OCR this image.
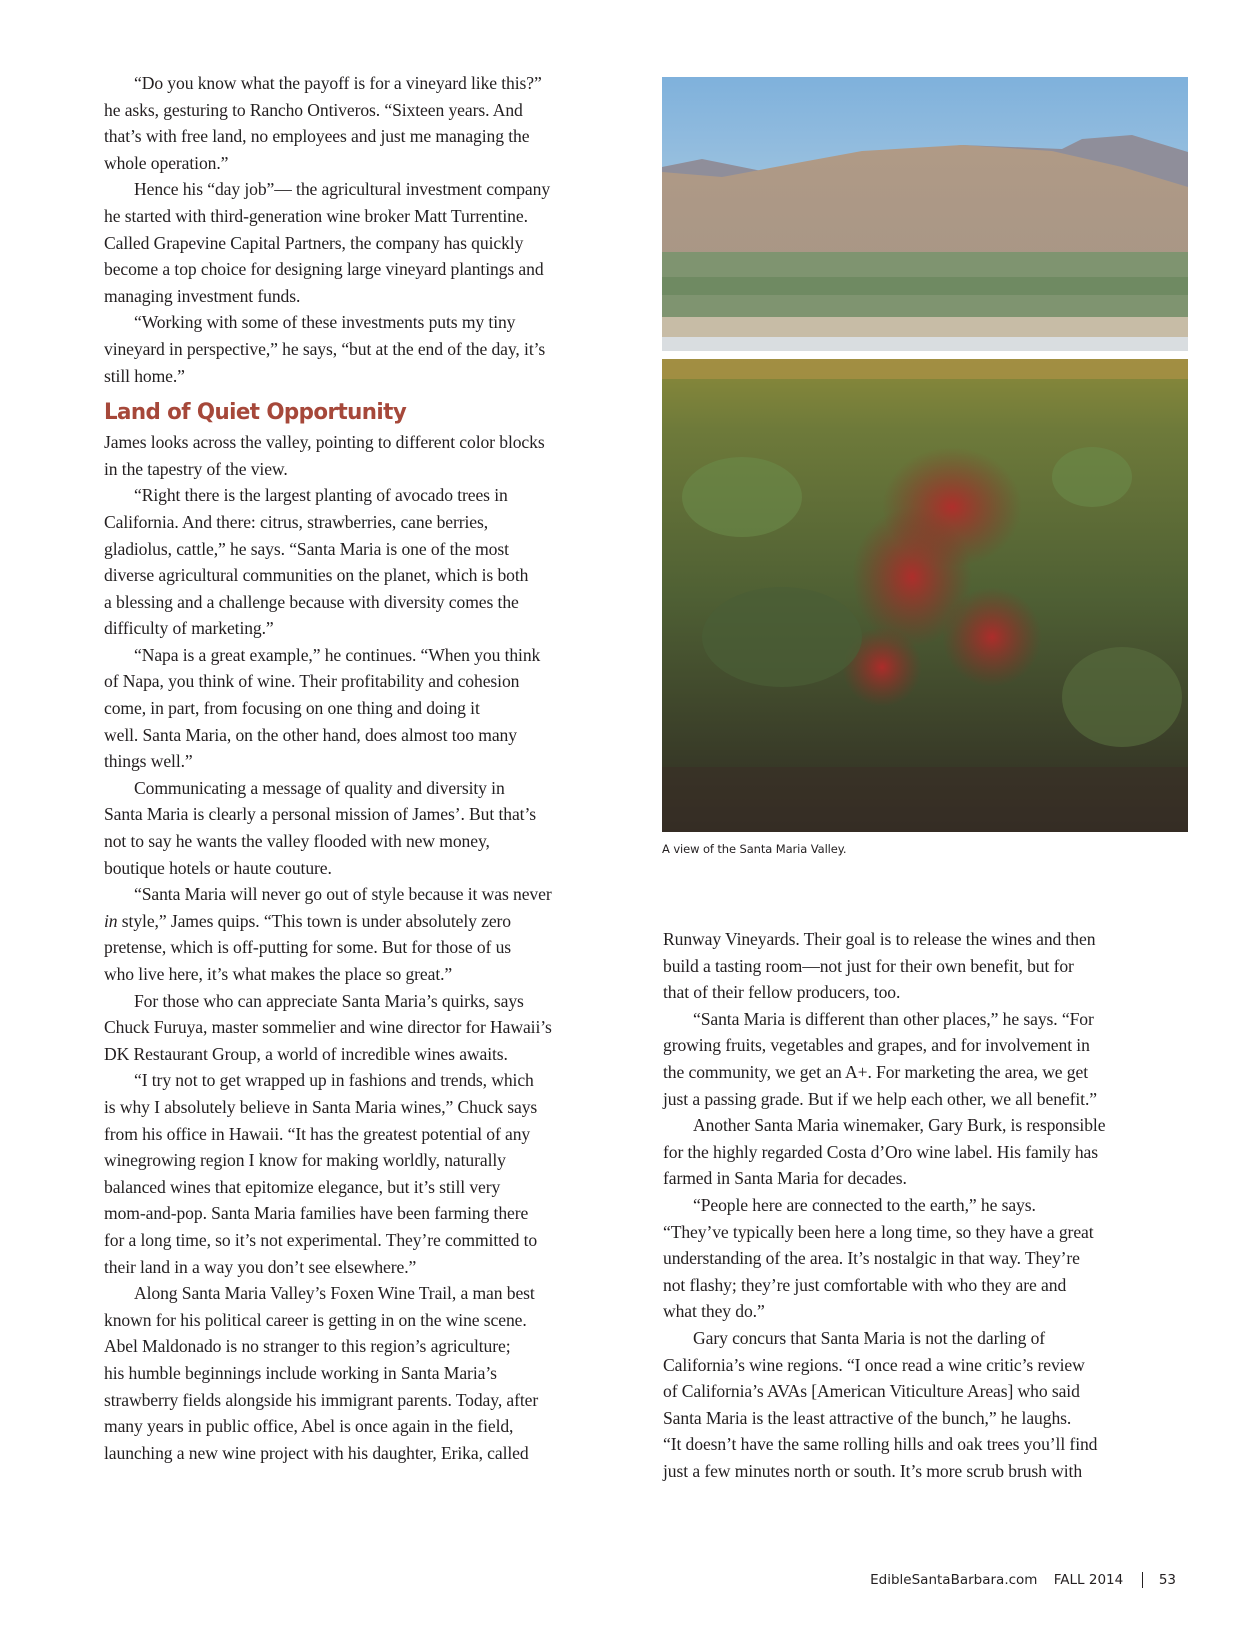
“Do you know what the payoff is for a vineyard like this?”
he asks, gesturing to Rancho Ontiveros. “Sixteen years. And
that’s with free land, no employees and just me managing the
whole operation.”

Hence his “day job”— the agricultural investment company
he started with third-generation wine broker Matt Turrentine.
Called Grapevine Capital Partners, the company has quickly
become a top choice for designing large vineyard plantings and
managing investment funds.

“Working with some of these investments puts my tiny
vineyard in perspective,” he says, “but at the end of the day, it’s
still home.”

Land of Quiet Opportunity

James looks across the valley, pointing to different color blocks
in the tapestry of the view.

“Right there is the largest planting of avocado trees in
California. And there: citrus, strawberries, cane berries,
gladiolus, cattle,” he says. “Santa Maria is one of the most
diverse agricultural communities on the planet, which is both
a blessing and a challenge because with diversity comes the
difficulty of marketing.”

“Napa is a great example,” he continues. “When you think
of Napa, you think of wine. Their profitability and cohesion
come, in part, from focusing on one thing and doing it
well. Santa Maria, on the other hand, does almost too many
things well.”

Communicating a message of quality and diversity in
Santa Maria is clearly a personal mission of James’. But that’s
not to say he wants the valley flooded with new money,
boutique hotels or haute couture.

“Santa Maria will never go out of style because it was never
in style,” James quips. “This town is under absolutely zero
pretense, which is off-putting for some. But for those of us
who live here, it’s what makes the place so great.”

For those who can appreciate Santa Maria’s quirks, says
Chuck Furuya, master sommelier and wine director for Hawaii’s
DK Restaurant Group, a world of incredible wines awaits.

“I try not to get wrapped up in fashions and trends, which
is why I absolutely believe in Santa Maria wines,” Chuck says
from his office in Hawaii. “It has the greatest potential of any
winegrowing region I know for making worldly, naturally
balanced wines that epitomize elegance, but it’s still very
mom-and-pop. Santa Maria families have been farming there
for a long time, so it’s not experimental. They’re committed to
their land in a way you don’t see elsewhere.”

Along Santa Maria Valley’s Foxen Wine Trail, a man best
known for his political career is getting in on the wine scene.
Abel Maldonado is no stranger to this region’s agriculture;
his humble beginnings include working in Santa Maria’s
strawberry fields alongside his immigrant parents. Today, after
many years in public office, Abel is once again in the field,
launching a new wine project with his daughter, Erika, called

A view of the Santa Maria Valley.

Runway Vineyards. Their goal is to release the wines and then
build a tasting room—not just for their own benefit, but for
that of their fellow producers, too.

“Santa Maria is different than other places,” he says. “For
growing fruits, vegetables and grapes, and for involvement in
the community, we get an A+. For marketing the area, we get
just a passing grade. But if we help each other, we all benefit.”

Another Santa Maria winemaker, Gary Burk, is responsible
for the highly regarded Costa d’Oro wine label. His family has
farmed in Santa Maria for decades.

“People here are connected to the earth,” he says.
“They’ve typically been here a long time, so they have a great
understanding of the area. It’s nostalgic in that way. They’re
not flashy; they’re just comfortable with who they are and
what they do.”

Gary concurs that Santa Maria is not the darling of
California’s wine regions. “I once read a wine critic’s review
of California’s AVAs [American Viticulture Areas] who said
Santa Maria is the least attractive of the bunch,” he laughs.
“It doesn’t have the same rolling hills and oak trees you’ll find
just a few minutes north or south. It’s more scrub brush with

EdibleSantaBarbara.com FALL 2014	53
